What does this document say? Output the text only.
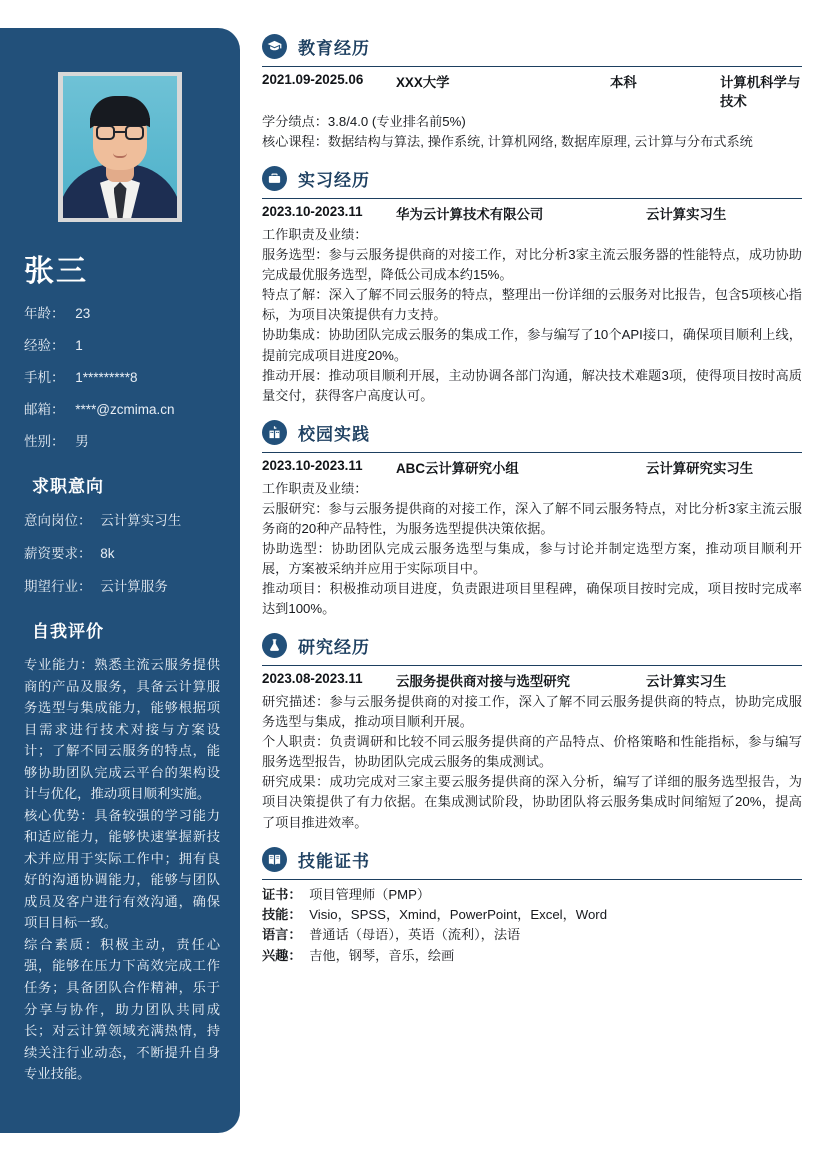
张三
年龄： 23
经验： 1
手机： 1*********8
邮箱： ****@zcmima.cn
性别： 男
求职意向
意向岗位： 云计算实习生
薪资要求： 8k
期望行业： 云计算服务
自我评价

专业能力：熟悉主流云服务提供商的产品及服务，具备云计算服务选型与集成能力，能够根据项目需求进行技术对接与方案设计；了解不同云服务的特点，能够协助团队完成云平台的架构设计与优化，推动项目顺利实施。

核心优势：具备较强的学习能力和适应能力，能够快速掌握新技术并应用于实际工作中；拥有良好的沟通协调能力，能够与团队成员及客户进行有效沟通，确保项目目标一致。

综合素质：积极主动，责任心强，能够在压力下高效完成工作任务；具备团队合作精神，乐于分享与协作，助力团队共同成长；对云计算领域充满热情，持续关注行业动态，不断提升自身专业技能。

教育经历
2021.09-2025.06	XXX大学	本科	计算机科学与技术
学分绩点：3.8/4.0 (专业排名前5%)
核心课程：数据结构与算法, 操作系统, 计算机网络, 数据库原理, 云计算与分布式系统
实习经历
2023.10-2023.11	华为云计算技术有限公司	云计算实习生
工作职责及业绩：
服务选型：参与云服务提供商的对接工作，对比分析3家主流云服务器的性能特点，成功协助完成最优服务选型，降低公司成本约15%。
特点了解：深入了解不同云服务的特点，整理出一份详细的云服务对比报告，包含5项核心指标，为项目决策提供有力支持。
协助集成：协助团队完成云服务的集成工作，参与编写了10个API接口，确保项目顺利上线，提前完成项目进度20%。
推动开展：推动项目顺利开展，主动协调各部门沟通，解决技术难题3项，使得项目按时高质量交付，获得客户高度认可。
校园实践
2023.10-2023.11	ABC云计算研究小组	云计算研究实习生
工作职责及业绩：
云服研究：参与云服务提供商的对接工作，深入了解不同云服务特点，对比分析3家主流云服务商的20种产品特性，为服务选型提供决策依据。
协助选型：协助团队完成云服务选型与集成，参与讨论并制定选型方案，推动项目顺利开展，方案被采纳并应用于实际项目中。
推动项目：积极推动项目进度，负责跟进项目里程碑，确保项目按时完成，项目按时完成率达到100%。
研究经历
2023.08-2023.11	云服务提供商对接与选型研究	云计算实习生
研究描述：参与云服务提供商的对接工作，深入了解不同云服务提供商的特点，协助完成服务选型与集成，推动项目顺利开展。
个人职责：负责调研和比较不同云服务提供商的产品特点、价格策略和性能指标，参与编写服务选型报告，协助团队完成云服务的集成测试。
研究成果：成功完成对三家主要云服务提供商的深入分析，编写了详细的服务选型报告，为项目决策提供了有力依据。在集成测试阶段，协助团队将云服务集成时间缩短了20%，提高了项目推进效率。
技能证书
证书： 项目管理师（PMP）
技能： Visio，SPSS，Xmind，PowerPoint，Excel，Word
语言： 普通话（母语），英语（流利），法语
兴趣： 吉他，钢琴，音乐，绘画
